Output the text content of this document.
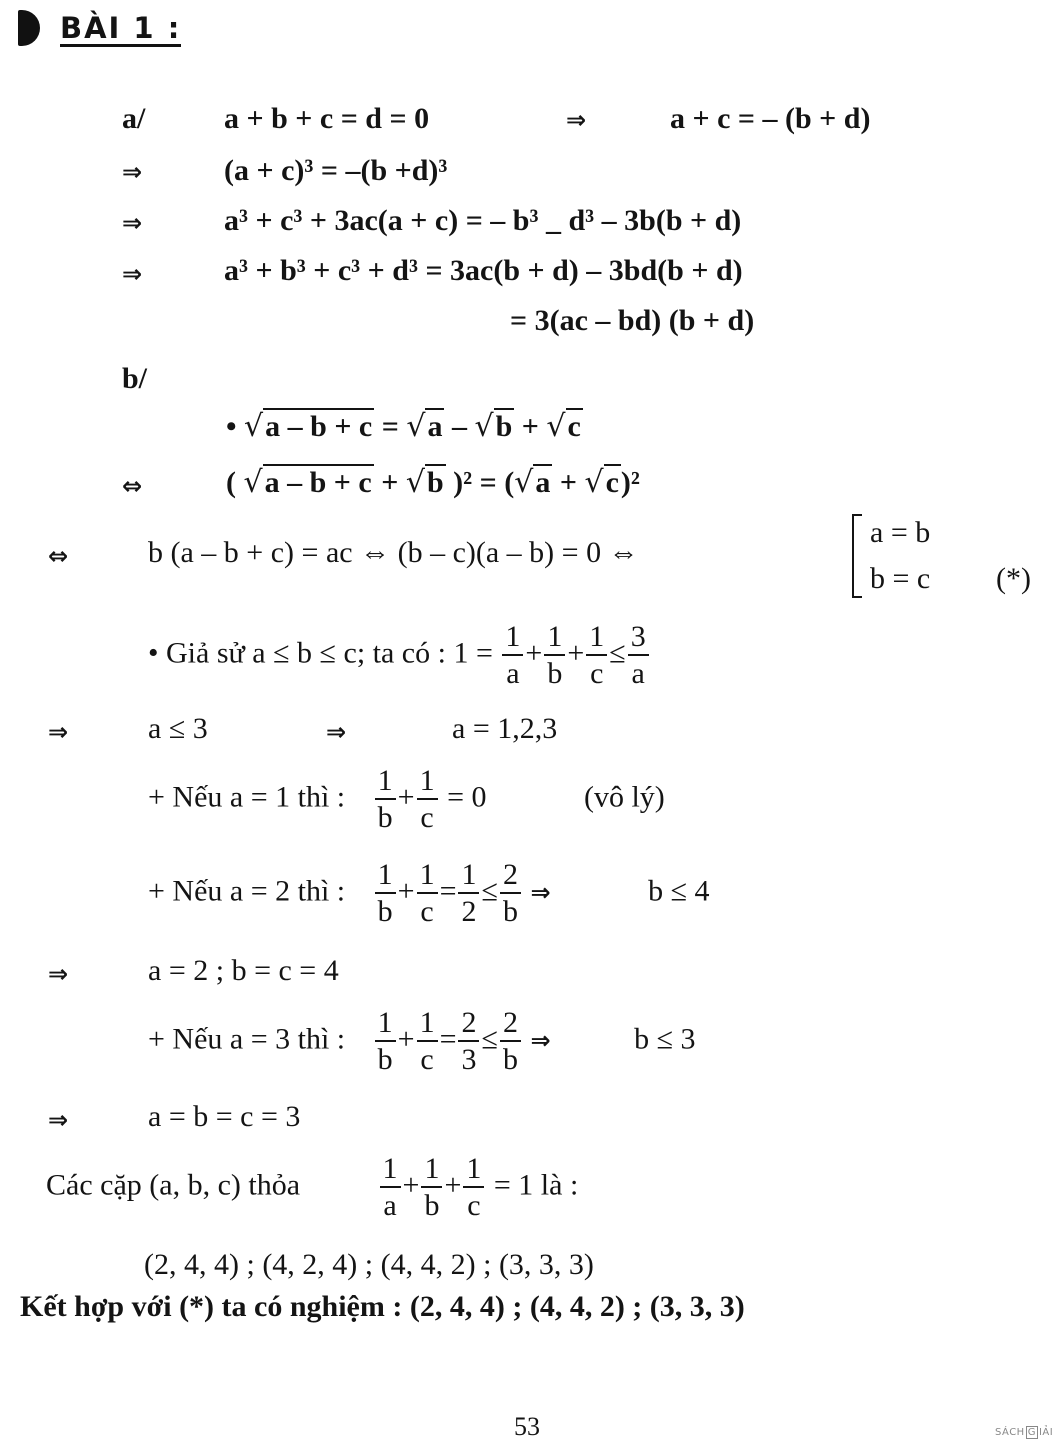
BÀI 1 :
a/	a + b + c = d = 0	⇒	a + c = – (b + d)
⇒	(a + c)³ = –(b +d)³
⇒	a³ + c³ + 3ac(a + c) = – b³ _ d³ – 3b(b + d)
⇒	a³ + b³ + c³ + d³ = 3ac(b + d) – 3bd(b + d)
= 3(ac – bd) (b + d)
b/
• √a – b + c = √a – √b + √c
⇔	( √a – b + c + √b )² = (√a + √c)²
⇔	b (a – b + c) = ac ⇔ (b – c)(a – b) = 0 ⇔
a = b
b = c (*)
• Giả sử a ≤ b ≤ c; ta có : $1 = \frac{1}{a} + \frac{1}{b} + \frac{1}{c} \le \frac{3}{a}$
⇒	a ≤ 3	⇒	a = 1,2,3
+ Nếu a = 1 thì : $\frac{1}{b} + \frac{1}{c} = 0$	(vô lý)
+ Nếu a = 2 thì : $\frac{1}{b} + \frac{1}{c} = \frac{1}{2} \le \frac{2}{b}$ ⇒	b ≤ 4
⇒	a = 2 ; b = c = 4
+ Nếu a = 3 thì : $\frac{1}{b} + \frac{1}{c} = \frac{2}{3} \le \frac{2}{b}$ ⇒	b ≤ 3
⇒	a = b = c = 3
Các cặp (a, b, c) thỏa	$\frac{1}{a} + \frac{1}{b} + \frac{1}{c} = 1$ là :
(2, 4, 4) ; (4, 2, 4) ; (4, 4, 2) ; (3, 3, 3)
Kết hợp với (*) ta có nghiệm : (2, 4, 4) ; (4, 4, 2) ; (3, 3, 3)
53	SÁCH G IẢI
